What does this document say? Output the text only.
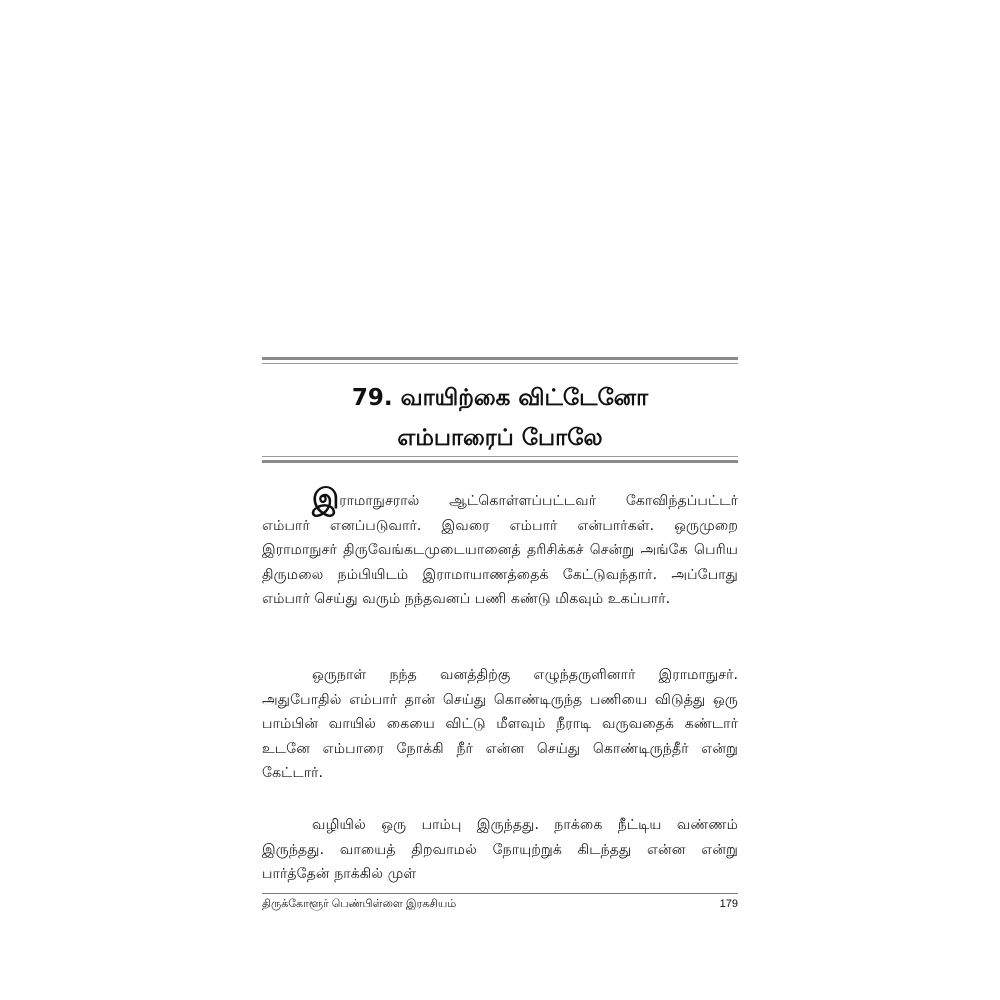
79. வாயிற்கை விட்டேனோ
எம்பாரைப் போலே

இராமாநுசரால் ஆட்கொள்ளப்பட்டவர் கோவிந்தப்பட்டர் எம்பார் எனப்படுவார். இவரை எம்பார் என்பார்கள். ஒருமுறை இராமாநுசர் திருவேங்கடமுடையானைத் தரிசிக்கச் சென்று அங்கே பெரிய திருமலை நம்பியிடம் இராமாயாணத்தைக் கேட்டுவந்தார். அப்போது எம்பார் செய்து வரும் நந்தவனப் பணி கண்டு மிகவும் உகப்பார்.

ஒருநாள் நந்த வனத்திற்கு எழுந்தருளினார் இராமாநுசர். அதுபோதில் எம்பார் தான் செய்து கொண்டிருந்த பணியை விடுத்து ஒரு பாம்பின் வாயில் கையை விட்டு மீளவும் நீராடி வருவதைக் கண்டார் உடனே எம்பாரை நோக்கி நீர் என்ன செய்து கொண்டிருந்தீர் என்று கேட்டார்.

வழியில் ஒரு பாம்பு இருந்தது. நாக்கை நீட்டிய வண்ணம் இருந்தது. வாயைத் திறவாமல் நோயுற்றுக் கிடந்தது என்ன என்று பார்த்தேன் நாக்கில் முள்

திருக்கோளூர் பெண்பிள்ளை இரகசியம்	179
